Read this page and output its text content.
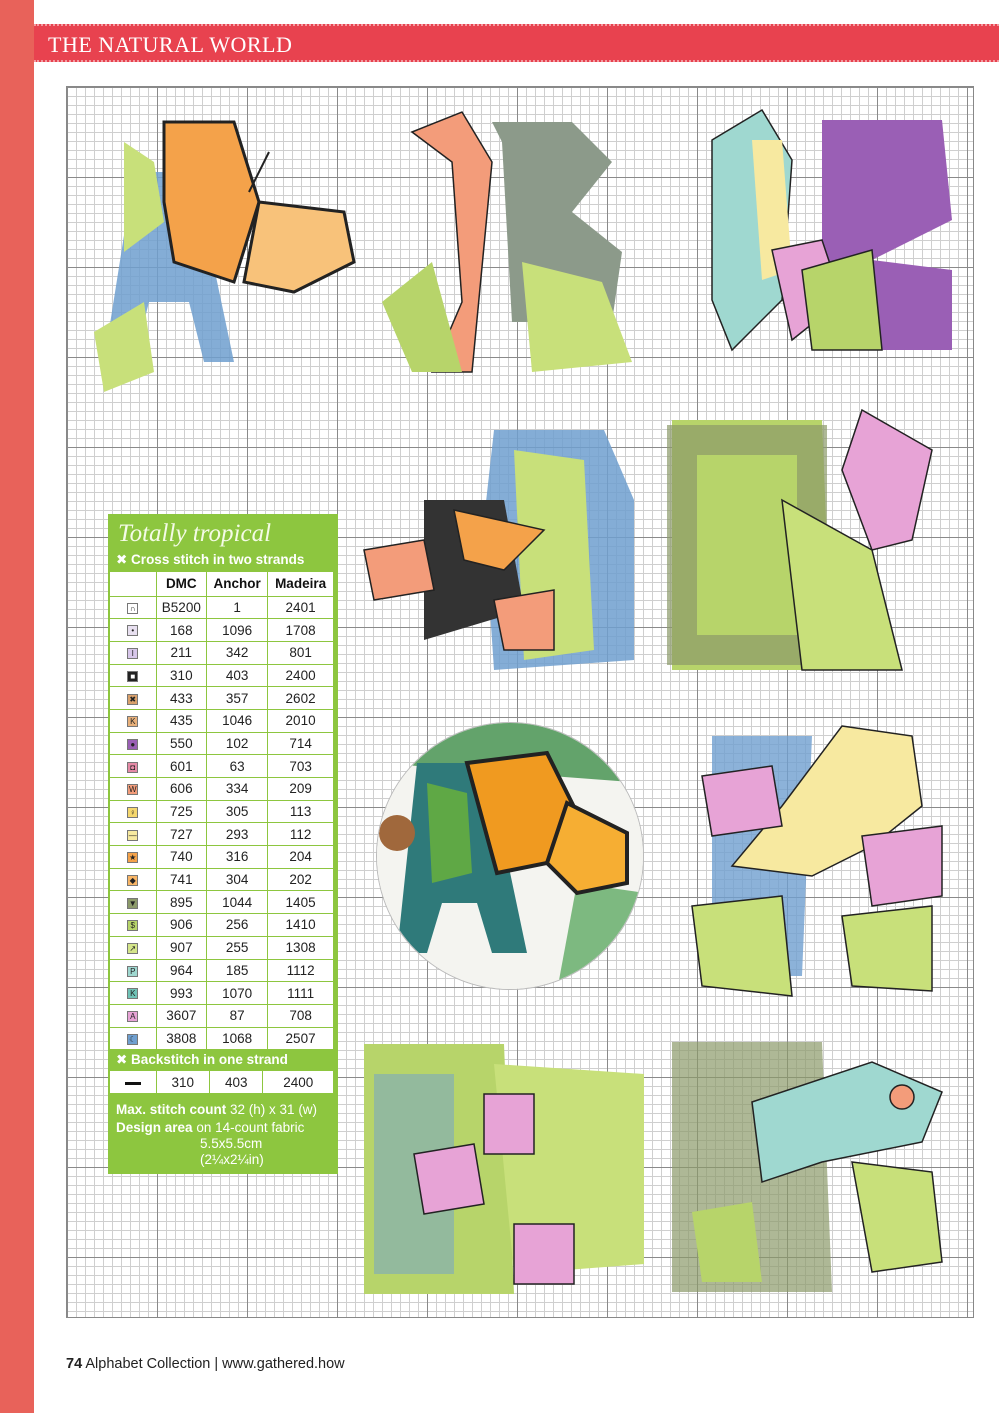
THE NATURAL WORLD
Totally tropical
✖ Cross stitch in two strands
	DMC	Anchor	Madeira
∩	B5200	1	2401
•	168	1096	1708
I	211	342	801
■	310	403	2400
✖	433	357	2602
K	435	1046	2010
●	550	102	714
◘	601	63	703
W	606	334	209
♀	725	305	113
—	727	293	112
★	740	316	204
◆	741	304	202
▼	895	1044	1405
$	906	256	1410
↗	907	255	1308
P	964	185	1112
K	993	1070	1111
A	3607	87	708
☾	3808	1068	2507
✖ Backstitch in one strand
	310	403	2400
Max. stitch count 32 (h) x 31 (w)
Design area on 14-count fabric
5.5x5.5cm
(2¼x2¼in)
74 Alphabet Collection | www.gathered.how
